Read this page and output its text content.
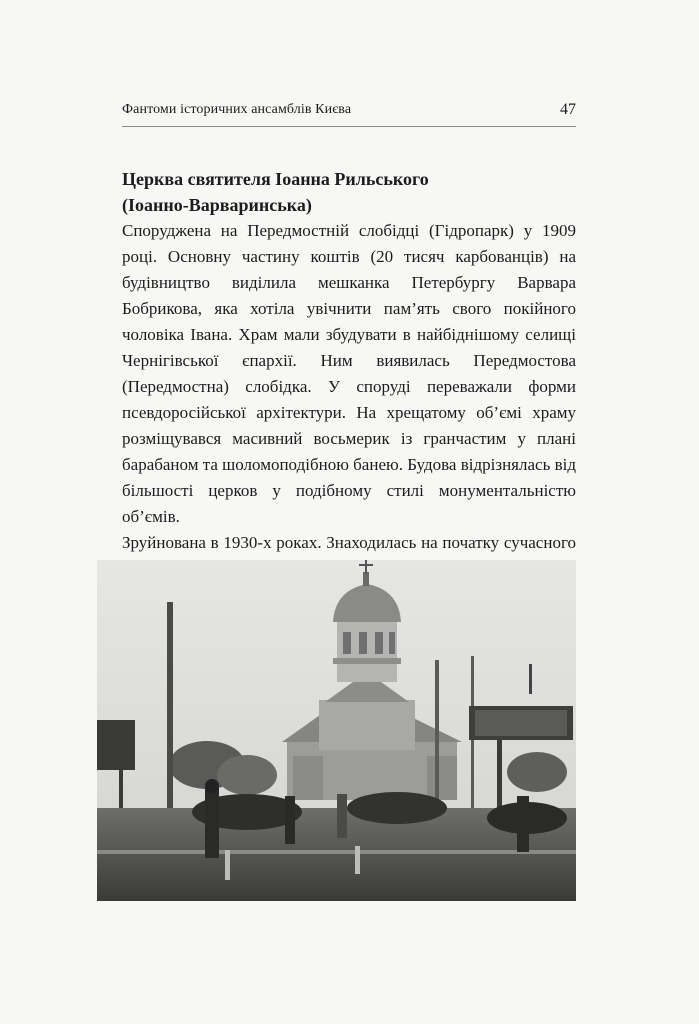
Фантоми історичних ансамблів Києва	47
Церква святителя Іоанна Рильського
(Іоанно-Варваринська)

Споруджена на Передмостній слобідці (Гідропарк) у 1909 році. Основну частину коштів (20 тисяч карбованців) на будівництво виділила мешканка Петербургу Варвара Бобрикова, яка хотіла увічнити пам’ять свого покійного чоловіка Івана. Храм мали збудувати в найбіднішому селищі Чернігівської єпархії. Ним виявилась Передмостова (Передмостна) слобідка. У споруді переважали форми псевдоросійської архітектури. На хрещатому об’ємі храму розміщувався масивний восьмерик із гранчастим у плані барабаном та шоломоподібною банею. Будова відрізнялась від більшості церков у подібному стилі монументальністю об’ємів.

Зруйнована в 1930-х роках. Знаходилась на початку сучасного
